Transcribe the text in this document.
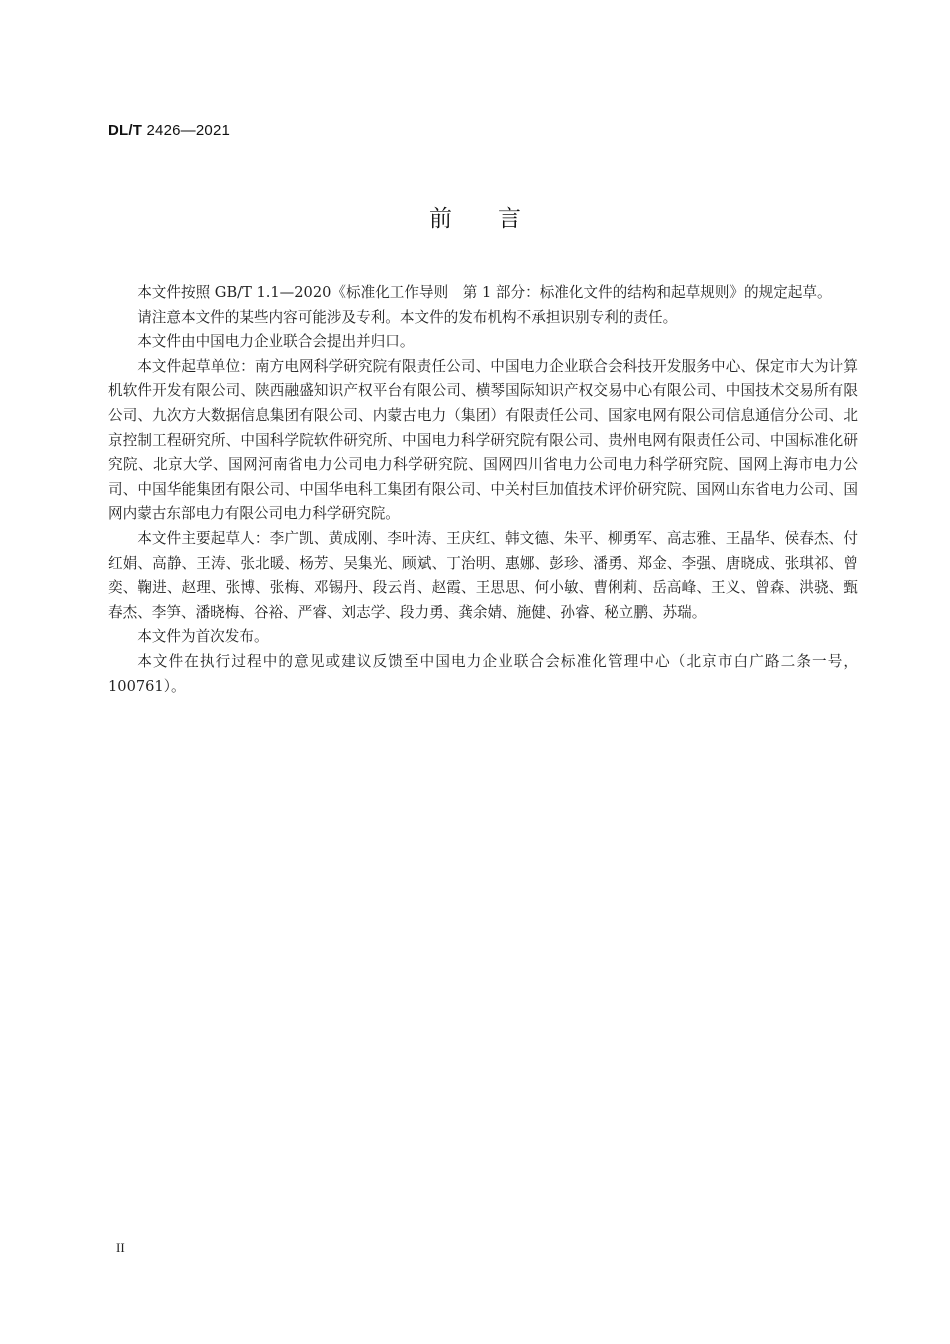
DL/T 2426—2021
前言

本文件按照 GB/T 1.1—2020《标准化工作导则　第 1 部分：标准化文件的结构和起草规则》的规定起草。

请注意本文件的某些内容可能涉及专利。本文件的发布机构不承担识别专利的责任。

本文件由中国电力企业联合会提出并归口。

本文件起草单位：南方电网科学研究院有限责任公司、中国电力企业联合会科技开发服务中心、保定市大为计算机软件开发有限公司、陕西融盛知识产权平台有限公司、横琴国际知识产权交易中心有限公司、中国技术交易所有限公司、九次方大数据信息集团有限公司、内蒙古电力（集团）有限责任公司、国家电网有限公司信息通信分公司、北京控制工程研究所、中国科学院软件研究所、中国电力科学研究院有限公司、贵州电网有限责任公司、中国标准化研究院、北京大学、国网河南省电力公司电力科学研究院、国网四川省电力公司电力科学研究院、国网上海市电力公司、中国华能集团有限公司、中国华电科工集团有限公司、中关村巨加值技术评价研究院、国网山东省电力公司、国网内蒙古东部电力有限公司电力科学研究院。

本文件主要起草人：李广凯、黄成刚、李叶涛、王庆红、韩文德、朱平、柳勇军、高志雅、王晶华、侯春杰、付红娟、高静、王涛、张北暖、杨芳、吴集光、顾斌、丁治明、惠娜、彭珍、潘勇、郑金、李强、唐晓成、张琪祁、曾奕、鞠进、赵理、张博、张梅、邓锡丹、段云肖、赵霞、王思思、何小敏、曹俐莉、岳高峰、王义、曾森、洪骁、甄春杰、李笋、潘晓梅、谷裕、严睿、刘志学、段力勇、龚余婧、施健、孙睿、秘立鹏、苏瑞。

本文件为首次发布。

本文件在执行过程中的意见或建议反馈至中国电力企业联合会标准化管理中心（北京市白广路二条一号，100761）。

II
